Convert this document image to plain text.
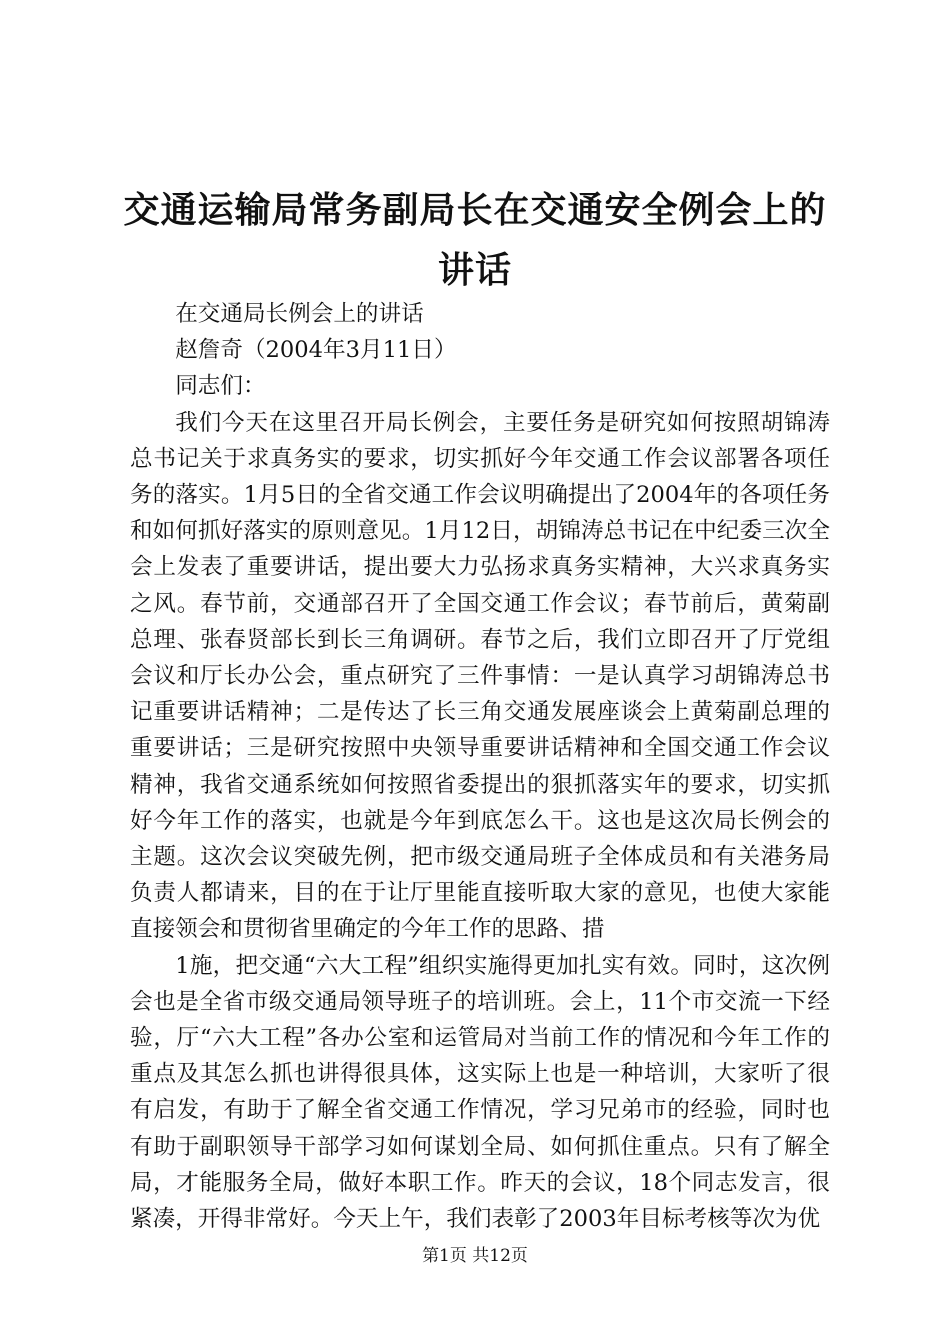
交通运输局常务副局长在交通安全例会上的讲话

在交通局长例会上的讲话

赵詹奇（2004年3月11日）

同志们：

我们今天在这里召开局长例会，主要任务是研究如何按照胡锦涛总书记关于求真务实的要求，切实抓好今年交通工作会议部署各项任务的落实。1月5日的全省交通工作会议明确提出了2004年的各项任务和如何抓好落实的原则意见。1月12日，胡锦涛总书记在中纪委三次全会上发表了重要讲话，提出要大力弘扬求真务实精神，大兴求真务实之风。春节前，交通部召开了全国交通工作会议；春节前后，黄菊副总理、张春贤部长到长三角调研。春节之后，我们立即召开了厅党组会议和厅长办公会，重点研究了三件事情：一是认真学习胡锦涛总书记重要讲话精神；二是传达了长三角交通发展座谈会上黄菊副总理的重要讲话；三是研究按照中央领导重要讲话精神和全国交通工作会议精神，我省交通系统如何按照省委提出的狠抓落实年的要求，切实抓好今年工作的落实，也就是今年到底怎么干。这也是这次局长例会的主题。这次会议突破先例，把市级交通局班子全体成员和有关港务局负责人都请来，目的在于让厅里能直接听取大家的意见，也使大家能直接领会和贯彻省里确定的今年工作的思路、措

1施，把交通“六大工程”组织实施得更加扎实有效。同时，这次例会也是全省市级交通局领导班子的培训班。会上，11个市交流一下经验，厅“六大工程”各办公室和运管局对当前工作的情况和今年工作的重点及其怎么抓也讲得很具体，这实际上也是一种培训，大家听了很有启发，有助于了解全省交通工作情况，学习兄弟市的经验，同时也有助于副职领导干部学习如何谋划全局、如何抓住重点。只有了解全局，才能服务全局，做好本职工作。昨天的会议，18个同志发言，很紧凑，开得非常好。今天上午，我们表彰了2003年目标考核等次为优

第1页 共12页
